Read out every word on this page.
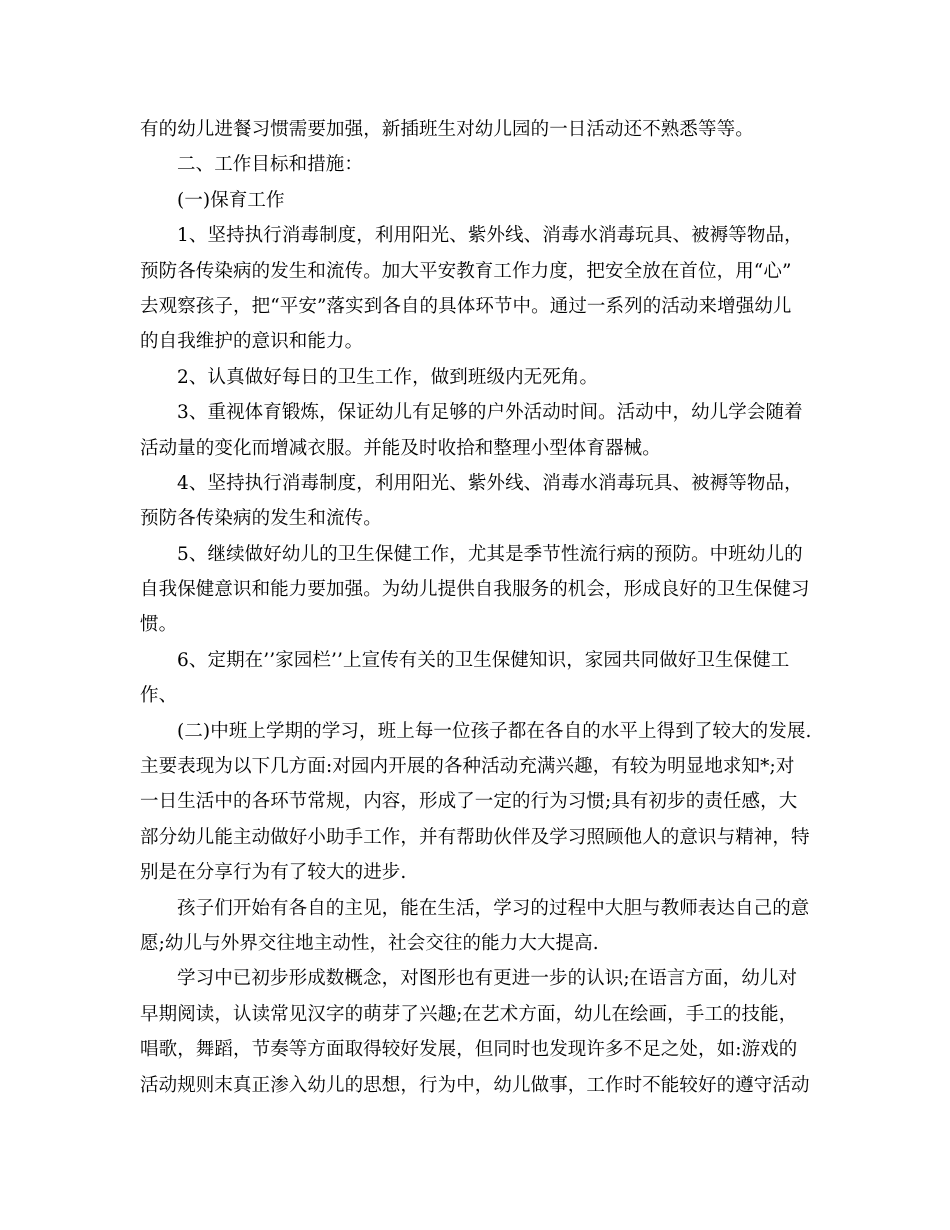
有的幼儿进餐习惯需要加强，新插班生对幼儿园的一日活动还不熟悉等等。
二、工作目标和措施：
(一)保育工作
1、坚持执行消毒制度，利用阳光、紫外线、消毒水消毒玩具、被褥等物品，
预防各传染病的发生和流传。加大平安教育工作力度，把安全放在首位，用“心”
去观察孩子，把“平安”落实到各自的具体环节中。通过一系列的活动来增强幼儿
的自我维护的意识和能力。
2、认真做好每日的卫生工作，做到班级内无死角。
3、重视体育锻炼，保证幼儿有足够的户外活动时间。活动中，幼儿学会随着
活动量的变化而增减衣服。并能及时收拾和整理小型体育器械。
4、坚持执行消毒制度，利用阳光、紫外线、消毒水消毒玩具、被褥等物品，
预防各传染病的发生和流传。
5、继续做好幼儿的卫生保健工作，尤其是季节性流行病的预防。中班幼儿的
自我保健意识和能力要加强。为幼儿提供自我服务的机会，形成良好的卫生保健习
惯。
6、定期在’’家园栏’’上宣传有关的卫生保健知识，家园共同做好卫生保健工
作、
(二)中班上学期的学习，班上每一位孩子都在各自的水平上得到了较大的发展.
主要表现为以下几方面:对园内开展的各种活动充满兴趣，有较为明显地求知*;对
一日生活中的各环节常规，内容，形成了一定的行为习惯;具有初步的责任感，大
部分幼儿能主动做好小助手工作，并有帮助伙伴及学习照顾他人的意识与精神，特
别是在分享行为有了较大的进步.
孩子们开始有各自的主见，能在生活，学习的过程中大胆与教师表达自己的意
愿;幼儿与外界交往地主动性，社会交往的能力大大提高.
学习中已初步形成数概念，对图形也有更进一步的认识;在语言方面，幼儿对
早期阅读，认读常见汉字的萌芽了兴趣;在艺术方面，幼儿在绘画，手工的技能，
唱歌，舞蹈，节奏等方面取得较好发展，但同时也发现许多不足之处，如:游戏的
活动规则末真正渗入幼儿的思想，行为中，幼儿做事，工作时不能较好的遵守活动
